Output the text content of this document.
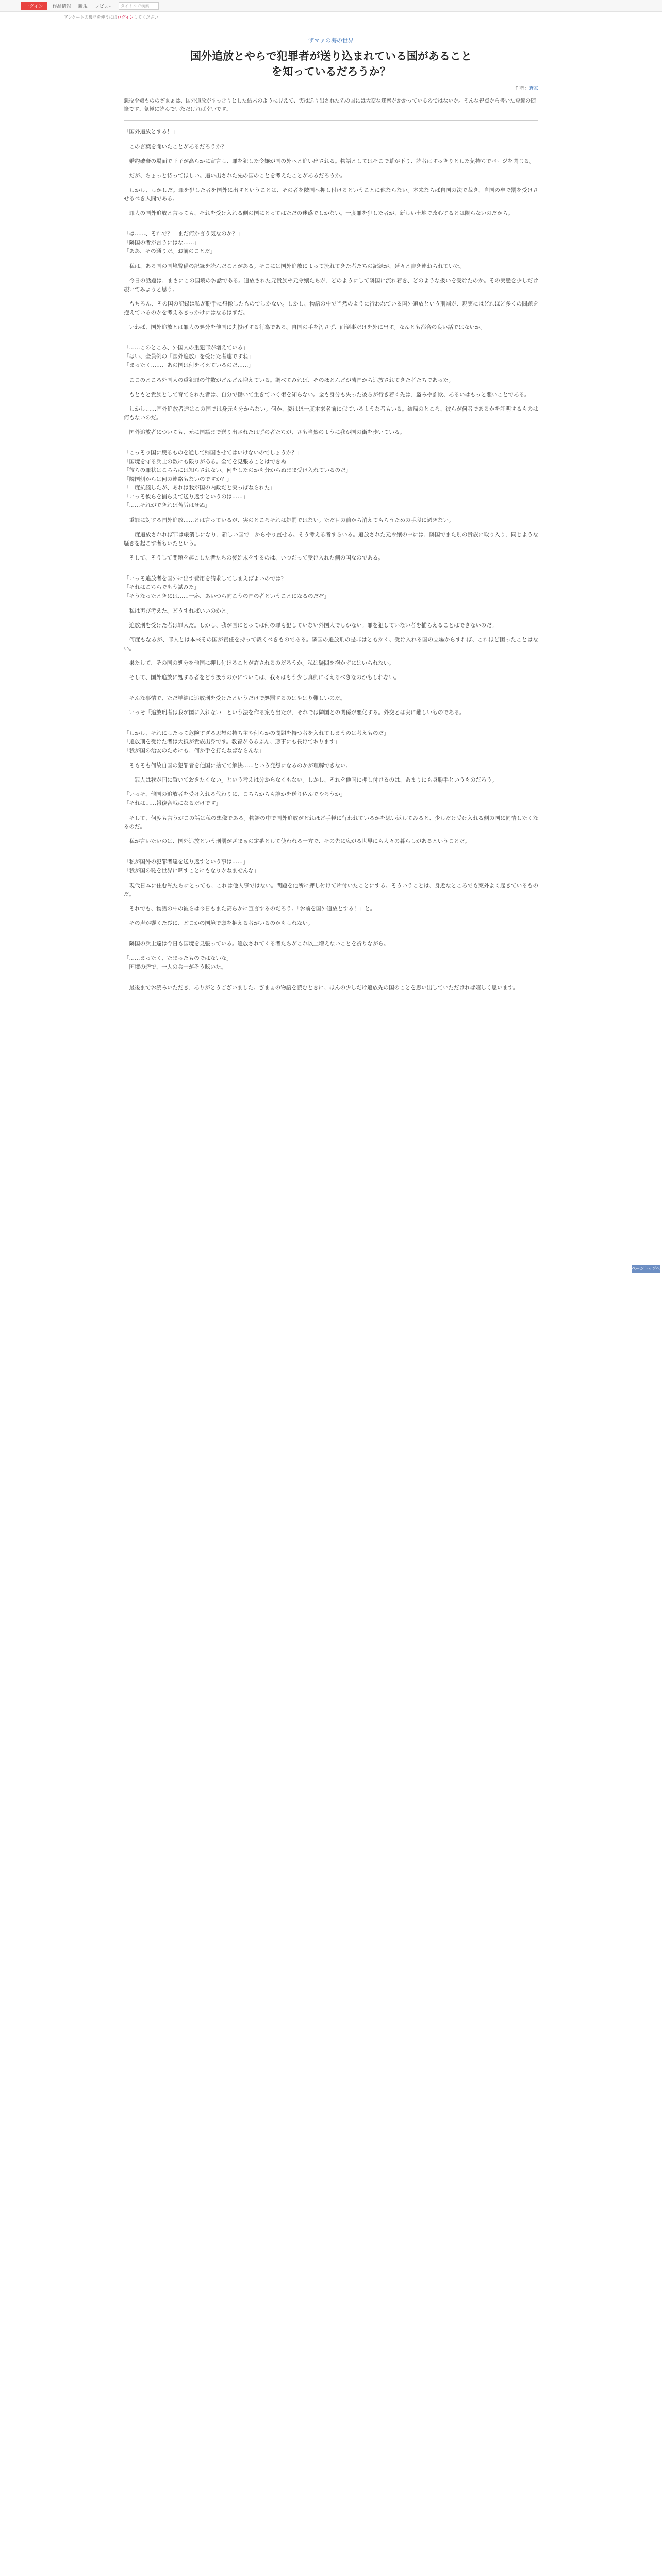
ログイン	作品情報	新規	レビュー	タイトルで検索
アンケートの機能を使うにはログインしてください
ザマァの海の世界
国外追放とやらで犯罪者が送り込まれている国があること
を知っているだろうか？
作者：蒼玄

悪役令嬢もののざまぁは、国外追放がすっきりとした結末のように見えて、実は送り出された先の国には大変な迷惑がかかっているのではないか。そんな視点から書いた短編の随筆です。気軽に読んでいただければ幸いです。

「国外追放とする！」

この言葉を聞いたことがあるだろうか？

婚約破棄の場面で王子が高らかに宣言し、罪を犯した令嬢が国の外へと追い出される。物語としてはそこで幕が下り、読者はすっきりとした気持ちでページを閉じる。

だが、ちょっと待ってほしい。追い出された先の国のことを考えたことがあるだろうか。

しかし、しかしだ。罪を犯した者を国外に出すということは、その者を隣国へ押し付けるということに他ならない。本来ならば自国の法で裁き、自国の牢で罰を受けさせるべき人間である。

罪人の国外追放と言っても、それを受け入れる側の国にとってはただの迷惑でしかない。一度罪を犯した者が、新しい土地で改心するとは限らないのだから。

「は……、それで？　まだ何か言う気なのか？」

「隣国の者が言うにはな……」

「ああ、その通りだ。お前のことだ」

私は、ある国の国境警備の記録を読んだことがある。そこには国外追放によって流れてきた者たちの記録が、延々と書き連ねられていた。

今日の話題は、まさにこの国境のお話である。追放された元貴族や元令嬢たちが、どのようにして隣国に流れ着き、どのような扱いを受けたのか。その実態を少しだけ覗いてみようと思う。

もちろん、その国の記録は私が勝手に想像したものでしかない。しかし、物語の中で当然のように行われている国外追放という刑罰が、現実にはどれほど多くの問題を抱えているのかを考えるきっかけにはなるはずだ。

いわば、国外追放とは罪人の処分を他国に丸投げする行為である。自国の手を汚さず、面倒事だけを外に出す。なんとも都合の良い話ではないか。

「……このところ、外国人の重犯罪が増えている」

「はい、全員例の『国外追放』を受けた者達ですね」

「まったく……、あの国は何を考えているのだ……」

ここのところ外国人の重犯罪の件数がどんどん増えている。調べてみれば、そのほとんどが隣国から追放されてきた者たちであった。

もともと貴族として育てられた者は、自分で働いて生きていく術を知らない。金も身分も失った彼らが行き着く先は、盗みや詐欺、あるいはもっと悪いことである。

しかし……国外追放者達はこの国では身元も分からない。何か、姿はほ一度本来名前に似ているような者もいる。結局のところ、彼らが何者であるかを証明するものは何もないのだ。

国外追放者についても、元に国籍まで送り出されたはずの者たちが、さも当然のように我が国の街を歩いている。

「こっそり国に戻るものを通して帰国させてはいけないのでしょうか？」

「国境を守る兵士の数にも限りがある。全てを見張ることはできぬ」

「彼らの罪状はこちらには知らされない。何をしたのかも分からぬまま受け入れているのだ」

「隣国側からは何の連絡もないのですか？」

「一度抗議したが、あれは我が国の内政だと突っぱねられた」

「いっそ彼らを捕らえて送り返すというのは……」

「……それができれば苦労はせぬ」

重罪に対する国外追放……とは言っているが、実のところそれは処罰ではない。ただ目の前から消えてもらうための手段に過ぎない。

一度追放されれば罪は帳消しになり、新しい国で一からやり直せる。そう考える者すらいる。追放された元令嬢の中には、隣国でまた別の貴族に取り入り、同じような騒ぎを起こす者もいたという。

そして、そうして問題を起こした者たちの後始末をするのは、いつだって受け入れた側の国なのである。

「いっそ追放者を国外に出す費用を請求してしまえばよいのでは？」

「それはこちらでもう試みた」

「そうなったときには……一応、あいつら向こうの国の者ということになるのだぞ」

私は再び考えた。どうすればいいのかと。

追放刑を受けた者は罪人だ。しかし、我が国にとっては何の罪も犯していない外国人でしかない。罪を犯していない者を捕らえることはできないのだ。

何度もなるが、罪人とは本来その国が責任を持って裁くべきものである。隣国の追放刑の是非はともかく、受け入れる国の立場からすれば、これほど困ったことはない。

果たして、その国の処分を他国に押し付けることが許されるのだろうか。私は疑問を抱かずにはいられない。

そして、国外追放に処する者をどう扱うのかについては、我々はもう少し真剣に考えるべきなのかもしれない。

そんな事情で、ただ単純に追放刑を受けたというだけで処罰するのはやはり難しいのだ。

いっそ「追放刑者は我が国に入れない」という法を作る案も出たが、それでは隣国との関係が悪化する。外交とは実に難しいものである。

「しかし、それにしたって危険すぎる思想の持ち主や何らかの問題を持つ者を入れてしまうのは考えものだ」

「追放刑を受けた者は大抵が貴族出身です。教養があるぶん、悪事にも長けております」

「我が国の治安のためにも、何か手を打たねばならんな」

そもそも何故自国の犯罪者を他国に捨てて解決……という発想になるのかが理解できない。

「罪人は我が国に置いておきたくない」という考えは分からなくもない。しかし、それを他国に押し付けるのは、あまりにも身勝手というものだろう。

「いっそ、他国の追放者を受け入れる代わりに、こちらからも誰かを送り込んでやろうか」

「それは……報復合戦になるだけです」

そして、何度も言うがこの話は私の想像である。物語の中で国外追放がどれほど手軽に行われているかを思い返してみると、少しだけ受け入れる側の国に同情したくなるのだ。

私が言いたいのは、国外追放という刑罰がざまぁの定番として使われる一方で、その先に広がる世界にも人々の暮らしがあるということだ。

「私が国外の犯罪者達を送り返すという事は……」

「我が国の恥を世界に晒すことにもなりかねませんな」

現代日本に住む私たちにとっても、これは他人事ではない。問題を他所に押し付けて片付いたことにする。そういうことは、身近なところでも案外よく起きているものだ。

それでも、物語の中の彼らは今日もまた高らかに宣言するのだろう。「お前を国外追放とする！」と。

その声が響くたびに、どこかの国境で頭を抱える者がいるのかもしれない。

隣国の兵士達は今日も国境を見張っている。追放されてくる者たちがこれ以上増えないことを祈りながら。

「……まったく、たまったものではないな」

国境の砦で、一人の兵士がそう呟いた。

最後までお読みいただき、ありがとうございました。ざまぁの物語を読むときに、ほんの少しだけ追放先の国のことを思い出していただければ嬉しく思います。

ページトップへ
